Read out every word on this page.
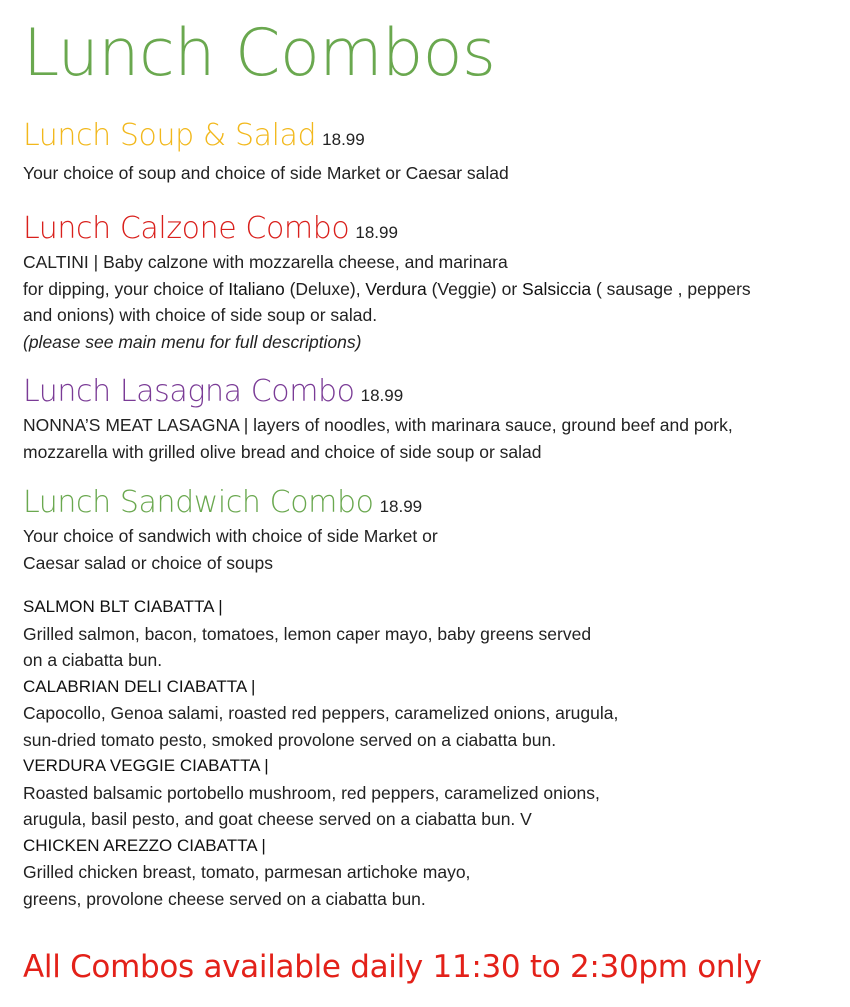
Lunch Combos
Lunch Soup & Salad 18.99

Your choice of soup and choice of side Market or Caesar salad

Lunch Calzone Combo 18.99

CALTINI | Baby calzone with mozzarella cheese, and marinara

for dipping, your choice of Italiano (Deluxe), Verdura (Veggie) or Salsiccia ( sausage , peppers

and onions) with choice of side soup or salad.

(please see main menu for full descriptions)

Lunch Lasagna Combo 18.99

NONNA’S MEAT LASAGNA | layers of noodles, with marinara sauce, ground beef and pork,

mozzarella with grilled olive bread and choice of side soup or salad

Lunch Sandwich Combo 18.99

Your choice of sandwich with choice of side Market or

Caesar salad or choice of soups

SALMON BLT CIABATTA |

Grilled salmon, bacon, tomatoes, lemon caper mayo, baby greens served

on a ciabatta bun.

CALABRIAN DELI CIABATTA |

Capocollo, Genoa salami, roasted red peppers, caramelized onions, arugula,

sun-dried tomato pesto, smoked provolone served on a ciabatta bun.

VERDURA VEGGIE CIABATTA |

Roasted balsamic portobello mushroom, red peppers, caramelized onions,

arugula, basil pesto, and goat cheese served on a ciabatta bun. V

CHICKEN AREZZO CIABATTA |

Grilled chicken breast, tomato, parmesan artichoke mayo,

greens, provolone cheese served on a ciabatta bun.

All Combos available daily 11:30 to 2:30pm only
